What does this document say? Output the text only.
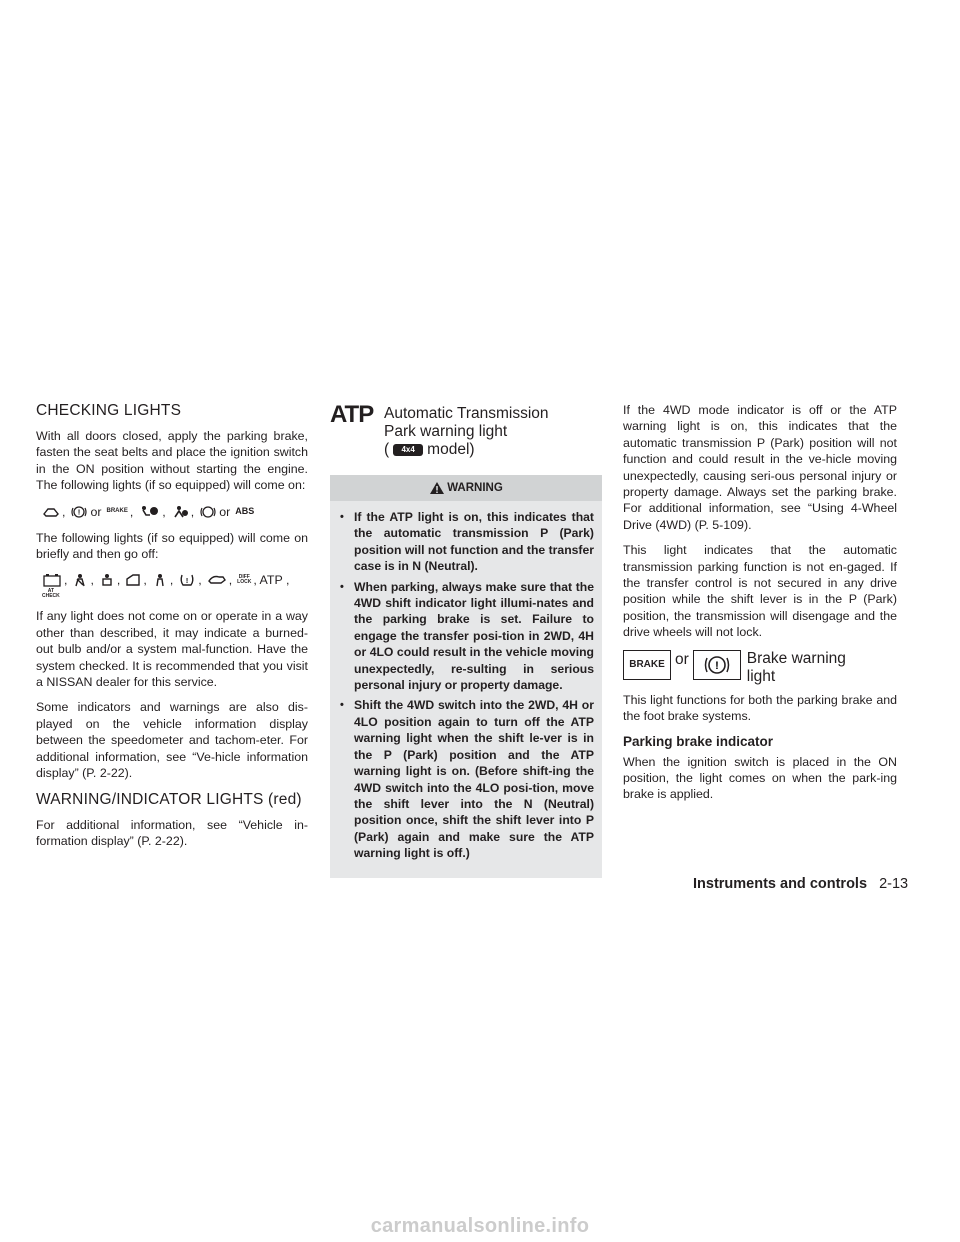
CHECKING LIGHTS

With all doors closed, apply the parking brake, fasten the seat belts and place the ignition switch in the ON position without starting the engine. The following lights (if so equipped) will come on:

, ! or BRAKE , , , or ABS

The following lights (if so equipped) will come on briefly and then go off:

, , , , , ! , ,	DIFF
LOCK , ATP ,
AT
CHECK

If any light does not come on or operate in a way other than described, it may indicate a burned-out bulb and/or a system mal-function. Have the system checked. It is recommended that you visit a NISSAN dealer for this service.

Some indicators and warnings are also dis-played on the vehicle information display between the speedometer and tachom-eter. For additional information, see “Ve-hicle information display” (P. 2-22).

WARNING/INDICATOR LIGHTS (red)

For additional information, see “Vehicle in-formation display” (P. 2-22).

ATP Automatic Transmission
Park warning light
( 4x4 model)
WARNING
• If the ATP light is on, this indicates that the automatic transmission P (Park) position will not function and the transfer case is in N (Neutral).
• When parking, always make sure that the 4WD shift indicator light illumi-nates and the parking brake is set. Failure to engage the transfer posi-tion in 2WD, 4H or 4LO could result in the vehicle moving unexpectedly, re-sulting in serious personal injury or property damage.
• Shift the 4WD switch into the 2WD, 4H or 4LO position again to turn off the ATP warning light when the shift le-ver is in the P (Park) position and the ATP warning light is on. (Before shift-ing the 4WD switch into the 4LO posi-tion, move the shift lever into the N (Neutral) position once, shift the shift lever into P (Park) again and make sure the ATP warning light is off.)

If the 4WD mode indicator is off or the ATP warning light is on, this indicates that the automatic transmission P (Park) position will not function and could result in the ve-hicle moving unexpectedly, causing seri-ous personal injury or property damage. Always set the parking brake. For additional information, see “Using 4-Wheel Drive (4WD) (P. 5-109).

This light indicates that the automatic transmission parking function is not en-gaged. If the transfer control is not secured in any drive position while the shift lever is in the P (Park) position, the transmission will disengage and the drive wheels will not lock.

BRAKE or ! Brake warning
light

This light functions for both the parking brake and the foot brake systems.

Parking brake indicator

When the ignition switch is placed in the ON position, the light comes on when the park-ing brake is applied.

Instruments and controls 2-13
carmanualsonline.info
